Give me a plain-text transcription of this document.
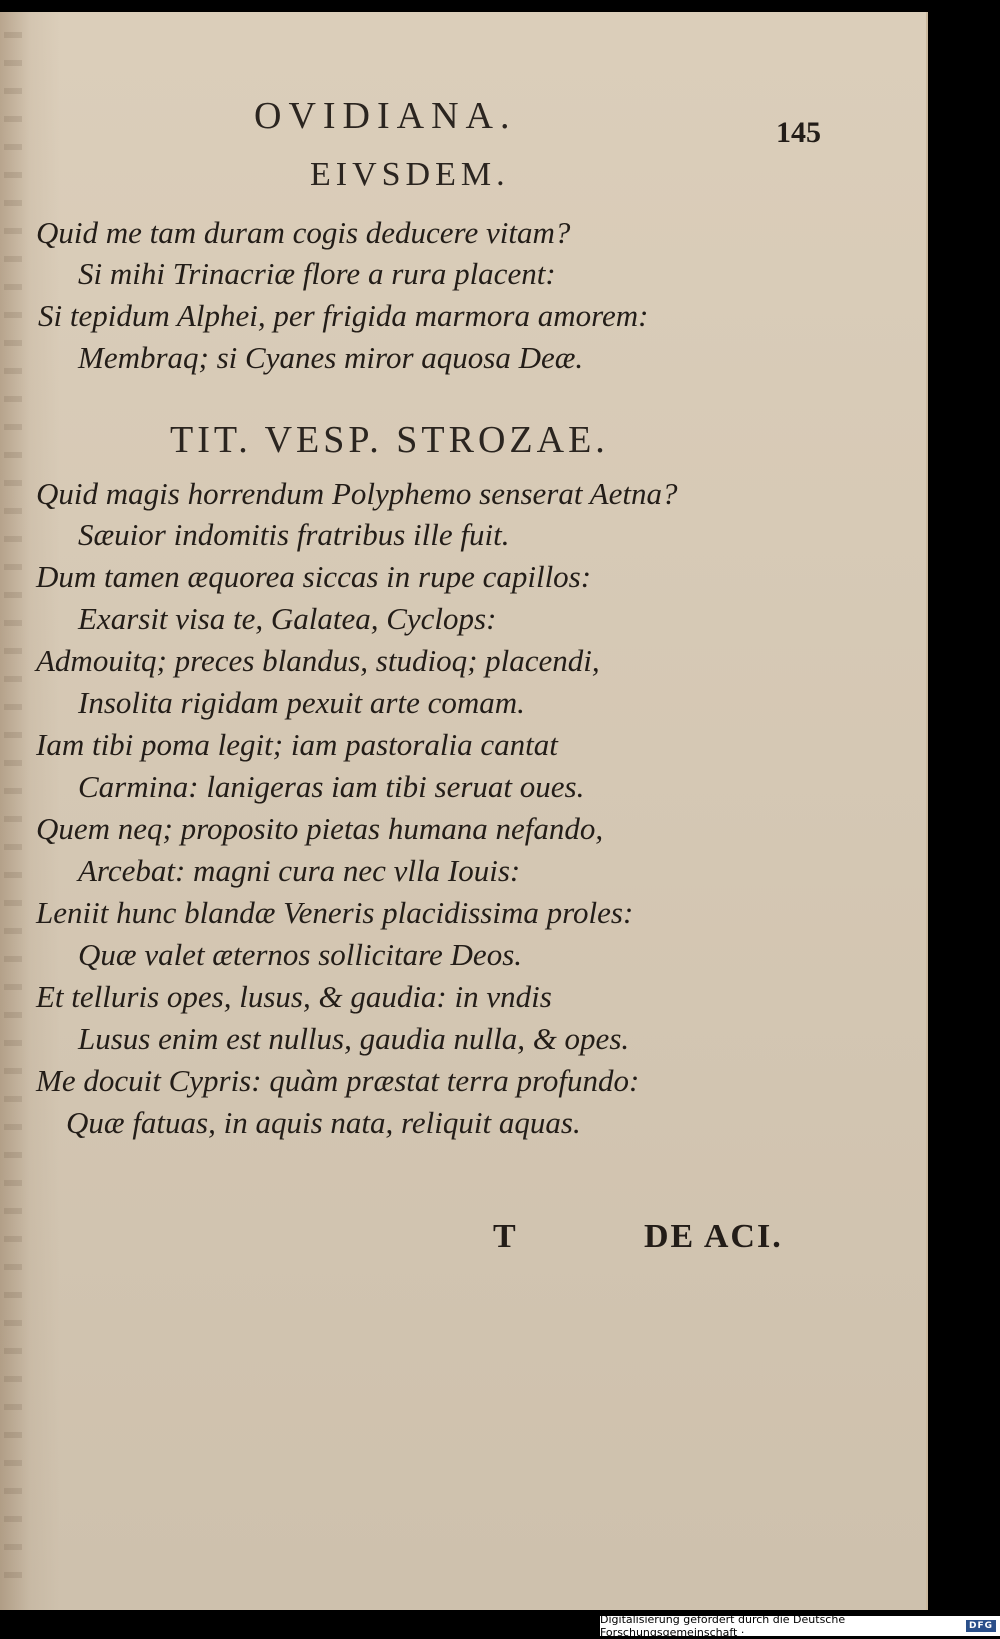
OVIDIANA.	145
EIVSDEM.
Quid me tam duram cogis deducere vitam?
Si mihi Trinacriæ flore a rura placent:
Si tepidum Alphei, per frigida marmora amorem:
Membraq; si Cyanes miror aquosa Deæ.
TIT. VESP. STROZAE.
Quid magis horrendum Polyphemo senserat Aetna?
Sæuior indomitis fratribus ille fuit.
Dum tamen æquorea siccas in rupe capillos:
Exarsit visa te, Galatea, Cyclops:
Admouitq; preces blandus, studioq; placendi,
Insolita rigidam pexuit arte comam.
Iam tibi poma legit; iam pastoralia cantat
Carmina: lanigeras iam tibi seruat oues.
Quem neq; proposito pietas humana nefando,
Arcebat: magni cura nec vlla Iouis:
Leniit hunc blandæ Veneris placidissima proles:
Quæ valet æternos sollicitare Deos.
Et telluris opes, lusus, & gaudia: in vndis
Lusus enim est nullus, gaudia nulla, & opes.
Me docuit Cypris: quàm præstat terra profundo:
Quæ fatuas, in aquis nata, reliquit aquas.
T	DE ACI.
Digitalisierung gefördert durch die Deutsche Forschungsgemeinschaft ·	DFG
